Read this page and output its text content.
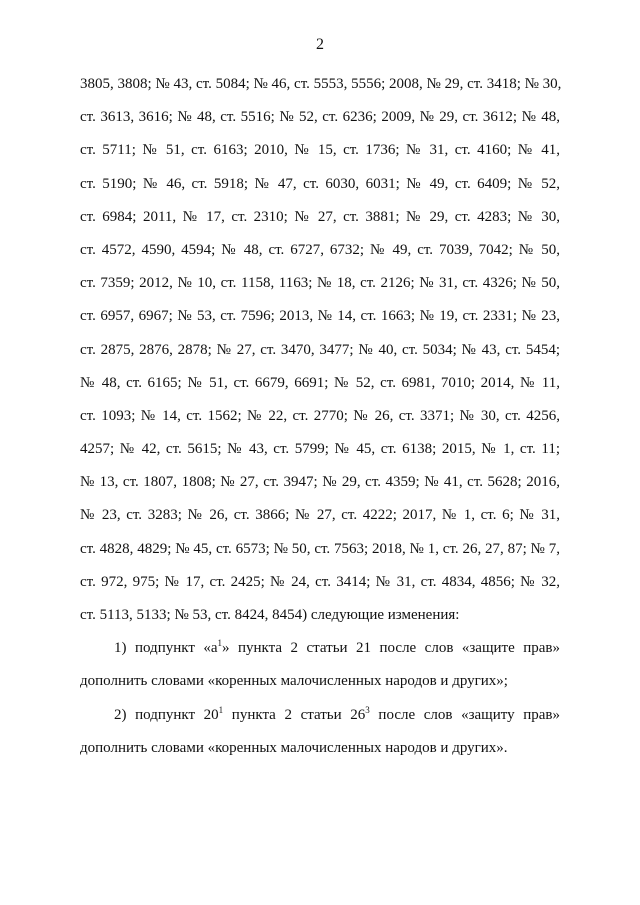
2
3805, 3808; № 43, ст. 5084; № 46, ст. 5553, 5556; 2008, № 29, ст. 3418; № 30,
ст. 3613, 3616; № 48, ст. 5516; № 52, ст. 6236; 2009, № 29, ст. 3612; № 48,
ст. 5711; № 51, ст. 6163; 2010, № 15, ст. 1736; № 31, ст. 4160; № 41,
ст. 5190; № 46, ст. 5918; № 47, ст. 6030, 6031; № 49, ст. 6409; № 52,
ст. 6984; 2011, № 17, ст. 2310; № 27, ст. 3881; № 29, ст. 4283; № 30,
ст. 4572, 4590, 4594; № 48, ст. 6727, 6732; № 49, ст. 7039, 7042; № 50,
ст. 7359; 2012, № 10, ст. 1158, 1163; № 18, ст. 2126; № 31, ст. 4326; № 50,
ст. 6957, 6967; № 53, ст. 7596; 2013, № 14, ст. 1663; № 19, ст. 2331; № 23,
ст. 2875, 2876, 2878; № 27, ст. 3470, 3477; № 40, ст. 5034; № 43, ст. 5454;
№ 48, ст. 6165; № 51, ст. 6679, 6691; № 52, ст. 6981, 7010; 2014, № 11,
ст. 1093; № 14, ст. 1562; № 22, ст. 2770; № 26, ст. 3371; № 30, ст. 4256,
4257; № 42, ст. 5615; № 43, ст. 5799; № 45, ст. 6138; 2015, № 1, ст. 11;
№ 13, ст. 1807, 1808; № 27, ст. 3947; № 29, ст. 4359; № 41, ст. 5628; 2016,
№ 23, ст. 3283; № 26, ст. 3866; № 27, ст. 4222; 2017, № 1, ст. 6; № 31,
ст. 4828, 4829; № 45, ст. 6573; № 50, ст. 7563; 2018, № 1, ст. 26, 27, 87; № 7,
ст. 972, 975; № 17, ст. 2425; № 24, ст. 3414; № 31, ст. 4834, 4856; № 32,
ст. 5113, 5133; № 53, ст. 8424, 8454) следующие изменения:
1) подпункт «$а^1$» пункта 2 статьи 21 после слов «защите прав»
дополнить словами «коренных малочисленных народов и других»;
2) подпункт $20^1$ пункта 2 статьи $26^3$ после слов «защиту прав»
дополнить словами «коренных малочисленных народов и других».
